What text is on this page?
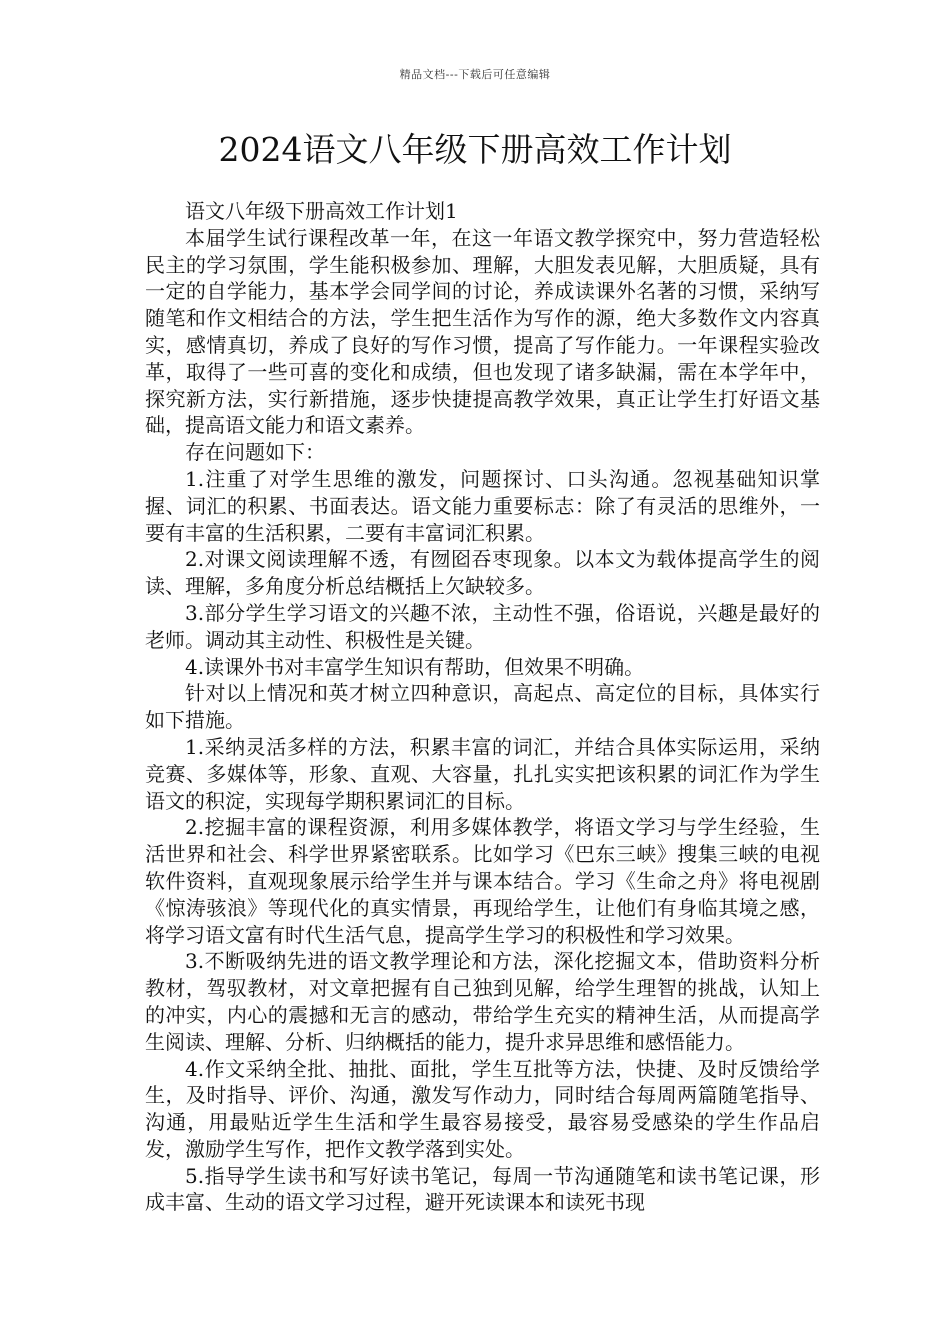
精品文档---下载后可任意编辑
2024语文八年级下册高效工作计划

语文八年级下册高效工作计划1

本届学生试行课程改革一年，在这一年语文教学探究中，努力营造轻松民主的学习氛围，学生能积极参加、理解，大胆发表见解，大胆质疑，具有一定的自学能力，基本学会同学间的讨论，养成读课外名著的习惯，采纳写随笔和作文相结合的方法，学生把生活作为写作的源，绝大多数作文内容真实，感情真切，养成了良好的写作习惯，提高了写作能力。一年课程实验改革，取得了一些可喜的变化和成绩，但也发现了诸多缺漏，需在本学年中，探究新方法，实行新措施，逐步快捷提高教学效果，真正让学生打好语文基础，提高语文能力和语文素养。

存在问题如下：

1.注重了对学生思维的激发，问题探讨、口头沟通。忽视基础知识掌握、词汇的积累、书面表达。语文能力重要标志：除了有灵活的思维外，一要有丰富的生活积累，二要有丰富词汇积累。

2.对课文阅读理解不透，有囫囵吞枣现象。以本文为载体提高学生的阅读、理解，多角度分析总结概括上欠缺较多。

3.部分学生学习语文的兴趣不浓，主动性不强，俗语说，兴趣是最好的老师。调动其主动性、积极性是关键。

4.读课外书对丰富学生知识有帮助，但效果不明确。

针对以上情况和英才树立四种意识，高起点、高定位的目标，具体实行如下措施。

1.采纳灵活多样的方法，积累丰富的词汇，并结合具体实际运用，采纳竞赛、多媒体等，形象、直观、大容量，扎扎实实把该积累的词汇作为学生语文的积淀，实现每学期积累词汇的目标。

2.挖掘丰富的课程资源，利用多媒体教学，将语文学习与学生经验，生活世界和社会、科学世界紧密联系。比如学习《巴东三峡》搜集三峡的电视软件资料，直观现象展示给学生并与课本结合。学习《生命之舟》将电视剧《惊涛骇浪》等现代化的真实情景，再现给学生，让他们有身临其境之感，将学习语文富有时代生活气息，提高学生学习的积极性和学习效果。

3.不断吸纳先进的语文教学理论和方法，深化挖掘文本，借助资料分析教材，驾驭教材，对文章把握有自己独到见解，给学生理智的挑战，认知上的冲实，内心的震撼和无言的感动，带给学生充实的精神生活，从而提高学生阅读、理解、分析、归纳概括的能力，提升求异思维和感悟能力。

4.作文采纳全批、抽批、面批，学生互批等方法，快捷、及时反馈给学生，及时指导、评价、沟通，激发写作动力，同时结合每周两篇随笔指导、沟通，用最贴近学生生活和学生最容易接受，最容易受感染的学生作品启发，激励学生写作，把作文教学落到实处。

5.指导学生读书和写好读书笔记，每周一节沟通随笔和读书笔记课，形成丰富、生动的语文学习过程，避开死读课本和读死书现
